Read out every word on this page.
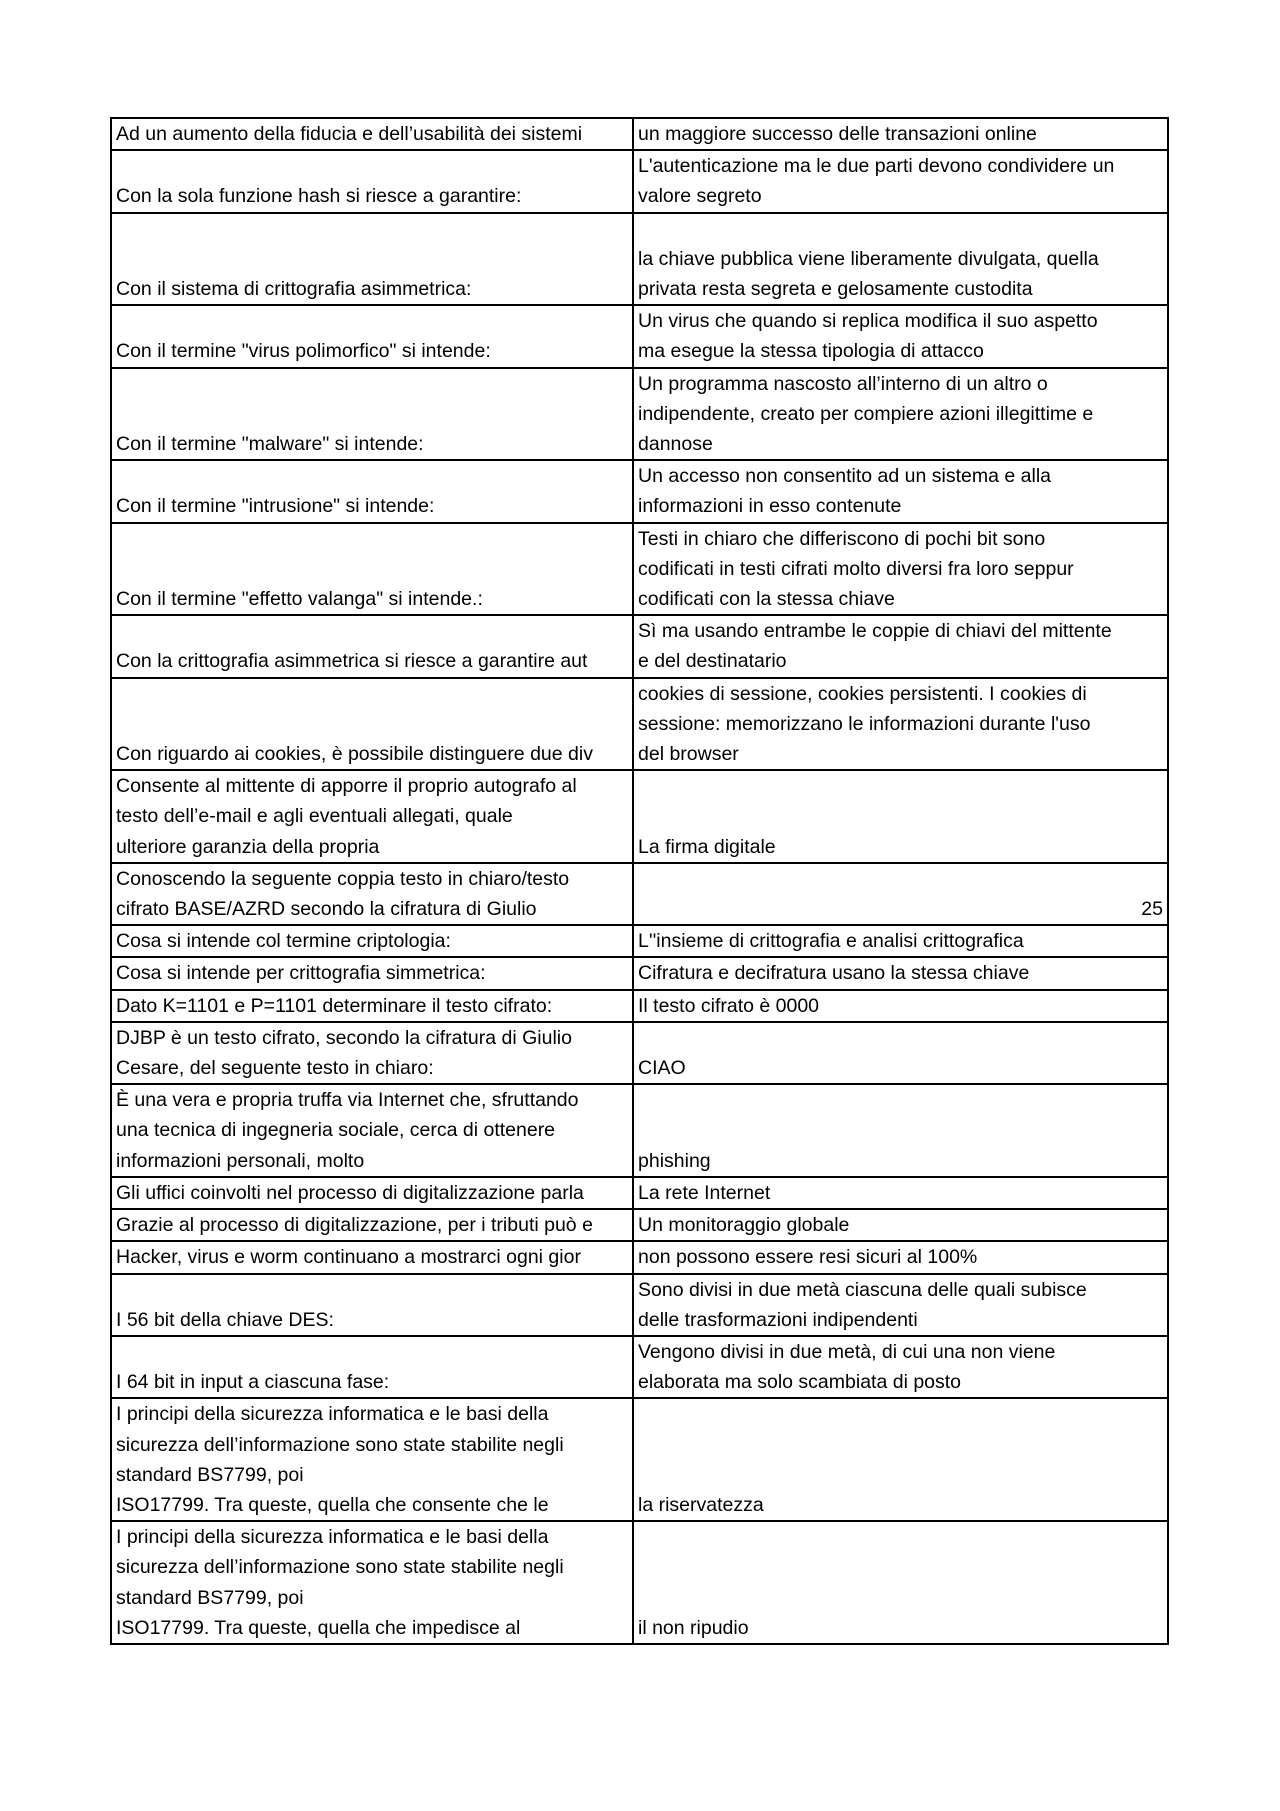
Ad un aumento della fiducia e dell’usabilità dei sistemi	un maggiore successo delle transazioni online

Con la sola funzione hash si riesce a garantire:	L'autenticazione ma le due parti devono condividere un
valore segreto

Con il sistema di crittografia asimmetrica:	la chiave pubblica viene liberamente divulgata, quella
privata resta segreta e gelosamente custodita

Con il termine "virus polimorfico" si intende:	Un virus che quando si replica modifica il suo aspetto
ma esegue la stessa tipologia di attacco

Con il termine "malware" si intende:	Un programma nascosto all’interno di un altro o
indipendente, creato per compiere azioni illegittime e
dannose

Con il termine "intrusione" si intende:	Un accesso non consentito ad un sistema e alla
informazioni in esso contenute

Con il termine "effetto valanga" si intende.:	Testi in chiaro che differiscono di pochi bit sono
codificati in testi cifrati molto diversi fra loro seppur
codificati con la stessa chiave

Con la crittografia asimmetrica si riesce a garantire aut	Sì ma usando entrambe le coppie di chiavi del mittente
e del destinatario

Con riguardo ai cookies, è possibile distinguere due div	cookies di sessione, cookies persistenti. I cookies di
sessione: memorizzano le informazioni durante l'uso
del browser

Consente al mittente di apporre il proprio autografo al
testo dell’e-mail e agli eventuali allegati, quale
ulteriore garanzia della propria	La firma digitale

Conoscendo la seguente coppia testo in chiaro/testo
cifrato BASE/AZRD secondo la cifratura di Giulio	25

Cosa si intende col termine criptologia:	L''insieme di crittografia e analisi crittografica

Cosa si intende per crittografia simmetrica:	Cifratura e decifratura usano la stessa chiave

Dato K=1101 e P=1101 determinare il testo cifrato:	Il testo cifrato è 0000

DJBP è un testo cifrato, secondo la cifratura di Giulio
Cesare, del seguente testo in chiaro:	CIAO

È una vera e propria truffa via Internet che, sfruttando
una tecnica di ingegneria sociale, cerca di ottenere
informazioni personali, molto	phishing

Gli uffici coinvolti nel processo di digitalizzazione parla	La rete Internet

Grazie al processo di digitalizzazione, per i tributi può e	Un monitoraggio globale

Hacker, virus e worm continuano a mostrarci ogni gior	non possono essere resi sicuri al 100%

I 56 bit della chiave DES:	Sono divisi in due metà ciascuna delle quali subisce
delle trasformazioni indipendenti

I 64 bit in input a ciascuna fase:	Vengono divisi in due metà, di cui una non viene
elaborata ma solo scambiata di posto

I principi della sicurezza informatica e le basi della
sicurezza dell’informazione sono state stabilite negli
standard BS7799, poi
ISO17799. Tra queste, quella che consente che le	la riservatezza

I principi della sicurezza informatica e le basi della
sicurezza dell’informazione sono state stabilite negli
standard BS7799, poi
ISO17799. Tra queste, quella che impedisce al	il non ripudio
